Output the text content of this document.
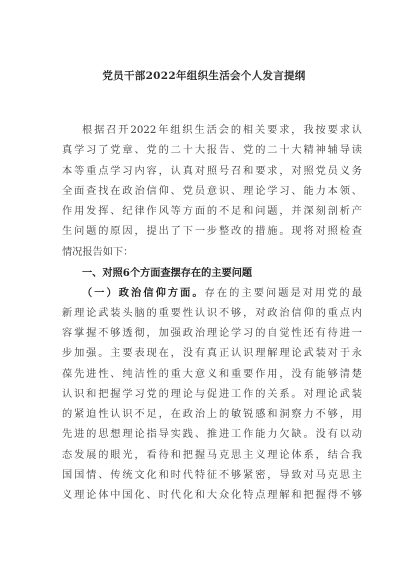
党员干部2022年组织生活会个人发言提纲
根据召开2022年组织生活会的相关要求，我按要求认
真学习了党章、党的二十大报告、党的二十大精神辅导读
本等重点学习内容，认真对照号召和要求，对照党员义务
全面查找在政治信仰、党员意识、理论学习、能力本领、
作用发挥、纪律作风等方面的不足和问题，并深刻剖析产
生问题的原因，提出了下一步整改的措施。现将对照检查
情况报告如下：
一、对照6个方面查摆存在的主要问题
（一）政治信仰方面。存在的主要问题是对用党的最
新理论武装头脑的重要性认识不够，对政治信仰的重点内
容掌握不够透彻，加强政治理论学习的自觉性还有待进一
步加强。主要表现在，没有真正认识理解理论武装对于永
葆先进性、纯洁性的重大意义和重要作用，没有能够清楚
认识和把握学习党的理论与促进工作的关系。对理论武装
的紧迫性认识不足，在政治上的敏锐感和洞察力不够，用
先进的思想理论指导实践、推进工作能力欠缺。没有以动
态发展的眼光，看待和把握马克思主义理论体系，结合我
国国情、传统文化和时代特征不够紧密，导致对马克思主
义理论体中国化、时代化和大众化特点理解和把握得不够
